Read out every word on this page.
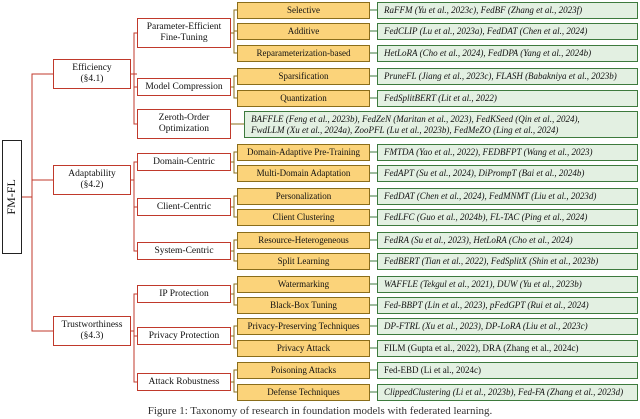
FM-FL
Efficiency
(§4.1)
Adaptability
(§4.2)
Trustworthiness
(§4.3)
Parameter-Efficient
Fine-Tuning
Model Compression
Zeroth-Order
Optimization
Domain-Centric
Client-Centric
System-Centric
IP Protection
Privacy Protection
Attack Robustness
Selective
Additive
Reparameterization-based
Sparsification
Quantization
Domain-Adaptive Pre-Training
Multi-Domain Adaptation
Personalization
Client Clustering
Resource-Heterogeneous
Split Learning
Watermarking
Black-Box Tuning
Privacy-Preserving Techniques
Privacy Attack
Poisoning Attacks
Defense Techniques
RaFFM (Yu et al., 2023c), FedBF (Zhang et al., 2023f)
FedCLIP (Lu et al., 2023a), FedDAT (Chen et al., 2024)
HetLoRA (Cho et al., 2024), FedDPA (Yang et al., 2024b)
PruneFL (Jiang et al., 2023c), FLASH (Babakniya et al., 2023b)
FedSplitBERT (Lit et al., 2022)
BAFFLE (Feng et al., 2023b), FedZeN (Maritan et al., 2023), FedKSeed (Qin et al., 2024),
FwdLLM (Xu et al., 2024a), ZooPFL (Lu et al., 2023b), FedMeZO (Ling et al., 2024)
FMTDA (Yao et al., 2022), FEDBFPT (Wang et al., 2023)
FedAPT (Su et al., 2024), DiPrompT (Bai et al., 2024b)
FedDAT (Chen et al., 2024), FedMNMT (Liu et al., 2023d)
FedLFC (Guo et al., 2024b), FL-TAC (Ping et al., 2024)
FedRA (Su et al., 2023), HetLoRA (Cho et al., 2024)
FedBERT (Tian et al., 2022), FedSplitX (Shin et al., 2023b)
WAFFLE (Tekgul et al., 2021), DUW (Yu et al., 2023b)
Fed-BBPT (Lin et al., 2023), pFedGPT (Rui et al., 2024)
DP-FTRL (Xu et al., 2023), DP-LoRA (Liu et al., 2023c)
FILM (Gupta et al., 2022), DRA (Zhang et al., 2024c)
Fed-EBD (Li et al., 2024c)
ClippedClustering (Li et al., 2023b), Fed-FA (Zhang et al., 2023d)
Figure 1: Taxonomy of research in foundation models with federated learning.
